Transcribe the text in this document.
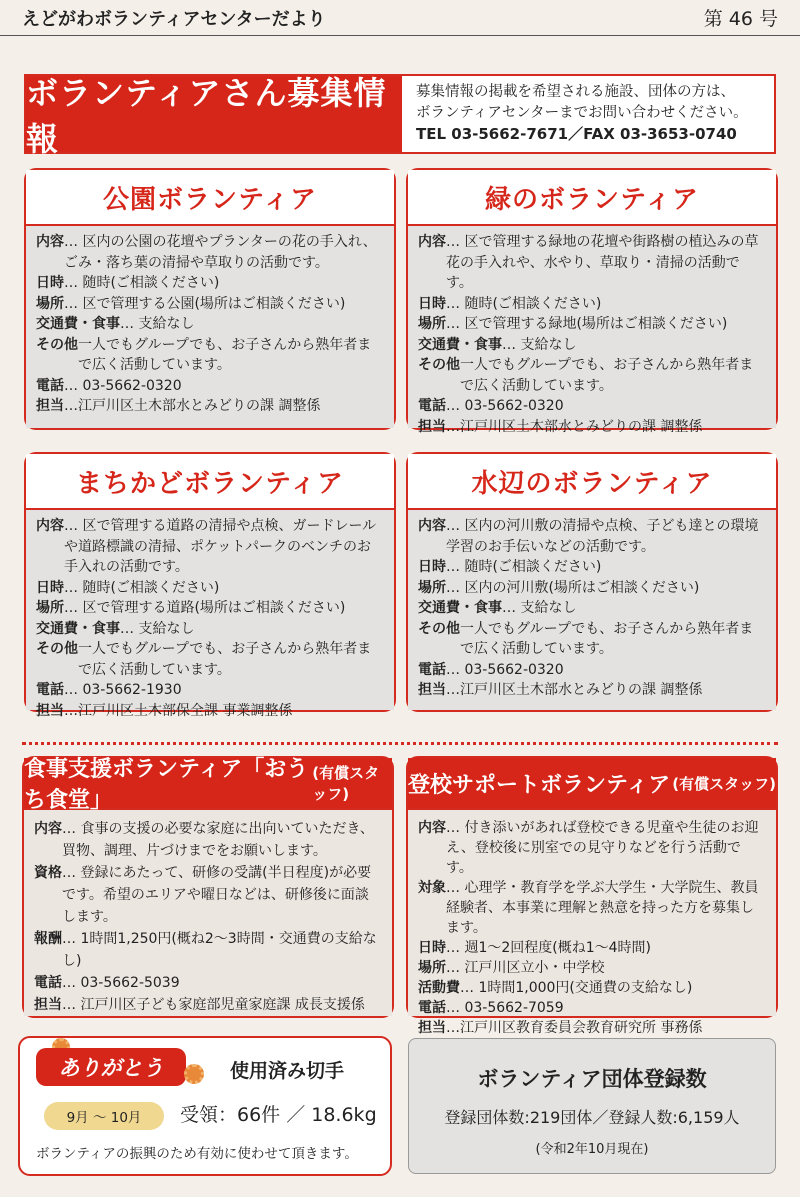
えどがわボランティアセンターだより	第 46 号
ボランティアさん募集情報
募集情報の掲載を希望される施設、団体の方は、
ボランティアセンターまでお問い合わせください。
TEL 03-5662-7671／FAX 03-3653-0740
公園ボランティア
内容 … 区内の公園の花壇やプランターの花の手入れ、ごみ・落ち葉の清掃や草取りの活動です。
日時 … 随時(ご相談ください)
場所 … 区で管理する公園(場所はご相談ください)
交通費・食事 … 支給なし
その他 一人でもグループでも、お子さんから熟年者まで広く活動しています。
電話 … 03-5662-0320
担当 …江戸川区土木部水とみどりの課 調整係
緑のボランティア
内容 … 区で管理する緑地の花壇や街路樹の植込みの草花の手入れや、水やり、草取り・清掃の活動です。
日時 … 随時(ご相談ください)
場所 … 区で管理する緑地(場所はご相談ください)
交通費・食事 … 支給なし
その他 一人でもグループでも、お子さんから熟年者まで広く活動しています。
電話 … 03-5662-0320
担当 …江戸川区土木部水とみどりの課 調整係
まちかどボランティア
内容 … 区で管理する道路の清掃や点検、ガードレールや道路標識の清掃、ポケットパークのベンチのお手入れの活動です。
日時 … 随時(ご相談ください)
場所 … 区で管理する道路(場所はご相談ください)
交通費・食事 … 支給なし
その他 一人でもグループでも、お子さんから熟年者まで広く活動しています。
電話 … 03-5662-1930
担当 …江戸川区土木部保全課 事業調整係
水辺のボランティア
内容 … 区内の河川敷の清掃や点検、子ども達との環境学習のお手伝いなどの活動です。
日時 … 随時(ご相談ください)
場所 … 区内の河川敷(場所はご相談ください)
交通費・食事 … 支給なし
その他 一人でもグループでも、お子さんから熟年者まで広く活動しています。
電話 … 03-5662-0320
担当 …江戸川区土木部水とみどりの課 調整係
食事支援ボランティア「おうち食堂」
(有償スタッフ)
内容 … 食事の支援の必要な家庭に出向いていただき、買物、調理、片づけまでをお願いします。
資格 … 登録にあたって、研修の受講(半日程度)が必要です。希望のエリアや曜日などは、研修後に面談します。
報酬 … 1時間1,250円(概ね2～3時間・交通費の支給なし)
電話 … 03-5662-5039
担当 … 江戸川区子ども家庭部児童家庭課 成長支援係
登校サポートボランティア (有償スタッフ)
内容 … 付き添いがあれば登校できる児童や生徒のお迎え、登校後に別室での見守りなどを行う活動です。
対象 … 心理学・教育学を学ぶ大学生・大学院生、教員経験者、本事業に理解と熱意を持った方を募集します。
日時 … 週1～2回程度(概ね1～4時間)
場所 … 江戸川区立小・中学校
活動費 … 1時間1,000円(交通費の支給なし)
電話 … 03-5662-7059
担当 …江戸川区教育委員会教育研究所 事務係
ありがとう	使用済み切手
9月 ～ 10月	受領：66件 ／ 18.6kg
ボランティアの振興のため有効に使わせて頂きます。
ボランティア団体登録数
登録団体数:219団体／登録人数:6,159人
(令和2年10月現在)
